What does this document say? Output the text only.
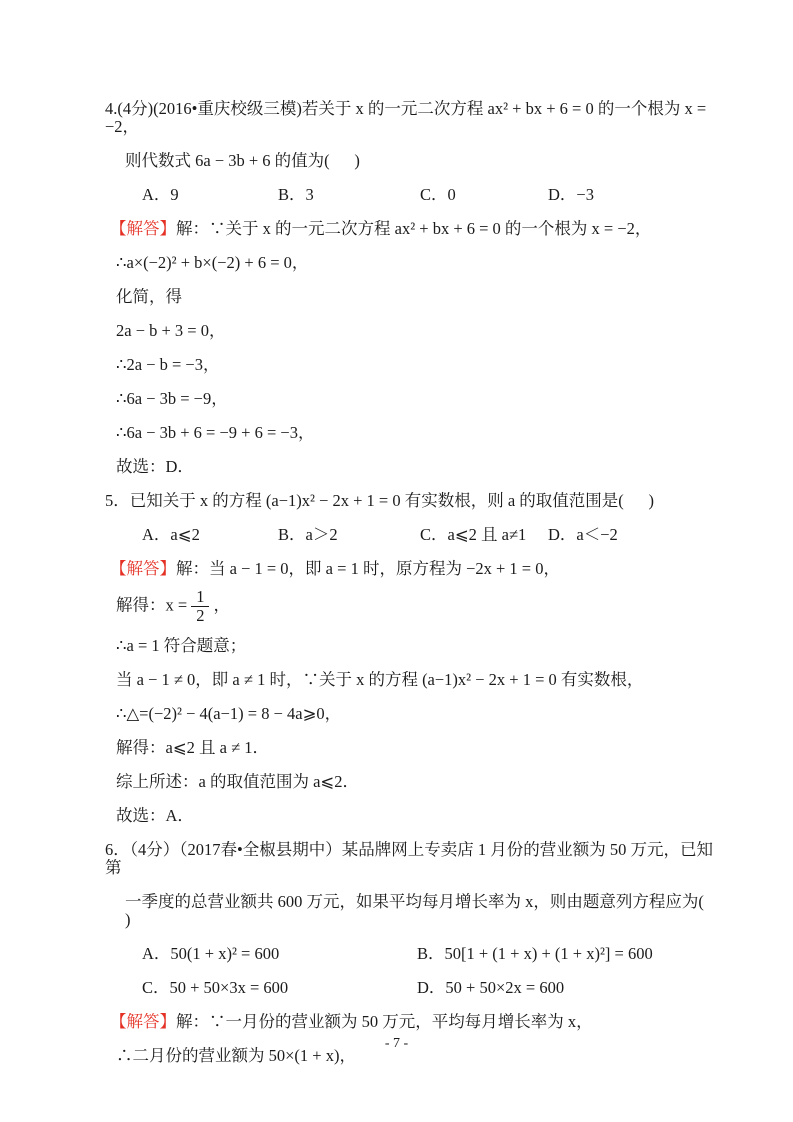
4.(4分)(2016•重庆校级三模)若关于 x 的一元二次方程 ax² + bx + 6 = 0 的一个根为 x = −2，

则代数式 6a − 3b + 6 的值为(      )

A．9	B．3	C．0	D．−3

【解答】解：∵关于 x 的一元二次方程 ax² + bx + 6 = 0 的一个根为 x = −2，

∴a×(−2)² + b×(−2) + 6 = 0，

化简，得

2a − b + 3 = 0，

∴2a − b = −3，

∴6a − 3b = −9，

∴6a − 3b + 6 = −9 + 6 = −3，

故选：D．

5．已知关于 x 的方程 (a−1)x² − 2x + 1 = 0 有实数根，则 a 的取值范围是(      )

A．a⩽2	B．a＞2	C．a⩽2 且 a≠1 D．a＜−2

【解答】解：当 a − 1 = 0，即 a = 1 时，原方程为 −2x + 1 = 0，

解得：$x = \frac{1}{2}$ ，

∴a = 1 符合题意；

当 a − 1 ≠ 0，即 a ≠ 1 时，∵关于 x 的方程 (a−1)x² − 2x + 1 = 0 有实数根，

∴△=(−2)² − 4(a−1) = 8 − 4a⩾0，

解得：a⩽2 且 a ≠ 1．

综上所述：a 的取值范围为 a⩽2．

故选：A．

6．（4分）（2017春•全椒县期中）某品牌网上专卖店 1 月份的营业额为 50 万元，已知第

一季度的总营业额共 600 万元，如果平均每月增长率为 x，则由题意列方程应为(      )

A．50(1 + x)² = 600	B．50[1 + (1 + x) + (1 + x)²] = 600

C．50 + 50×3x = 600	D．50 + 50×2x = 600

【解答】解：∵一月份的营业额为 50 万元，平均每月增长率为 x，

∴二月份的营业额为 50×(1 + x)，

- 7 -
